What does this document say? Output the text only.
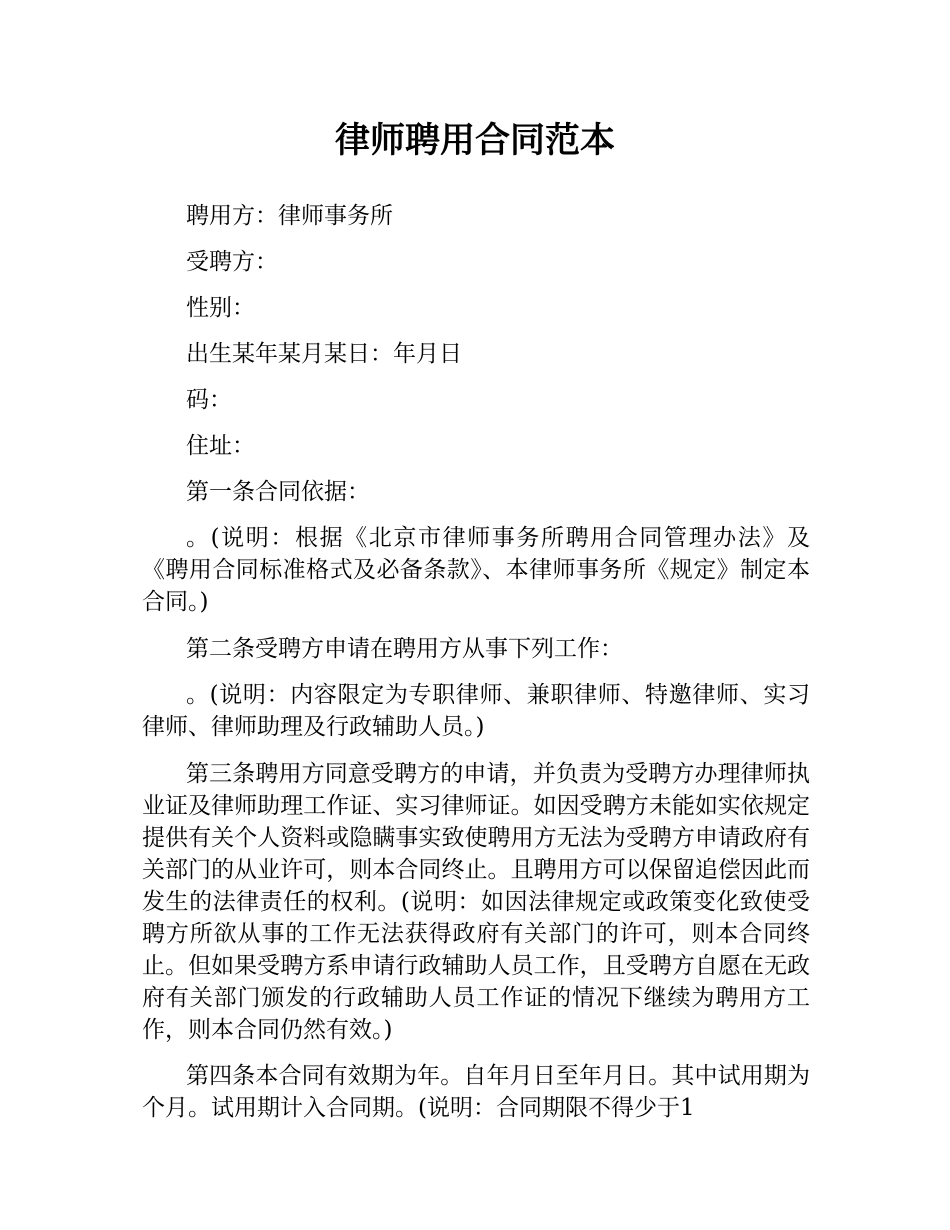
律师聘用合同范本

聘用方：律师事务所

受聘方：

性别：

出生某年某月某日：年月日

码：

住址：

第一条合同依据：

。(说明：根据《北京市律师事务所聘用合同管理办法》及《聘用合同标准格式及必备条款》、本律师事务所《规定》制定本合同。)

第二条受聘方申请在聘用方从事下列工作：

。(说明：内容限定为专职律师、兼职律师、特邀律师、实习律师、律师助理及行政辅助人员。)

第三条聘用方同意受聘方的申请，并负责为受聘方办理律师执业证及律师助理工作证、实习律师证。如因受聘方未能如实依规定提供有关个人资料或隐瞒事实致使聘用方无法为受聘方申请政府有关部门的从业许可，则本合同终止。且聘用方可以保留追偿因此而发生的法律责任的权利。(说明：如因法律规定或政策变化致使受聘方所欲从事的工作无法获得政府有关部门的许可，则本合同终止。但如果受聘方系申请行政辅助人员工作，且受聘方自愿在无政府有关部门颁发的行政辅助人员工作证的情况下继续为聘用方工作，则本合同仍然有效。)

第四条本合同有效期为年。自年月日至年月日。其中试用期为个月。试用期计入合同期。(说明：合同期限不得少于1
